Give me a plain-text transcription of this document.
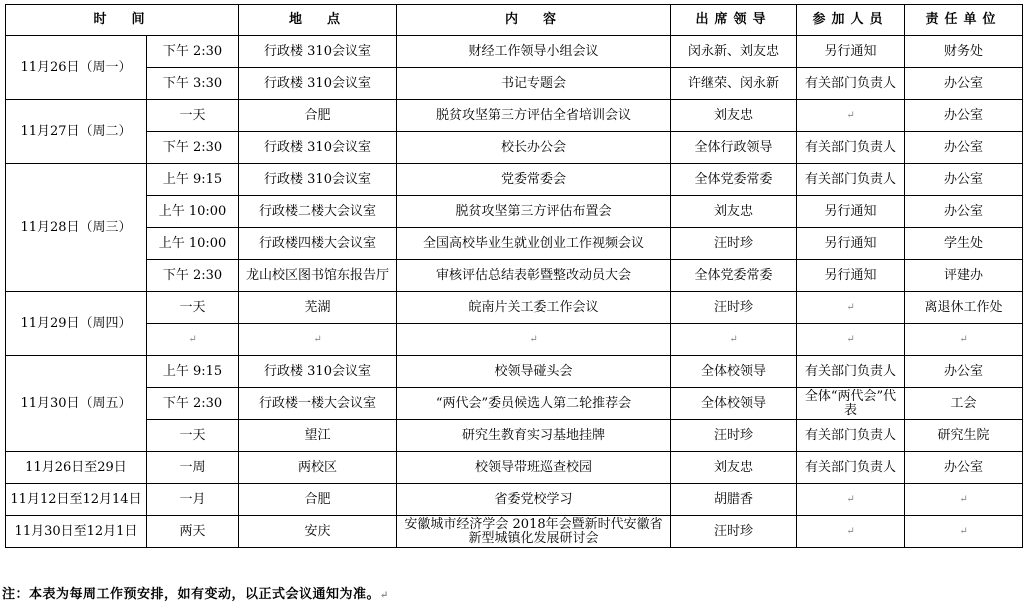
时　间		地　点	内　容	出席领导	参加人员	责任单位
11月26日（周一）	下午 2:30	行政楼 310会议室	财经工作领导小组会议	闵永新、刘友忠	另行通知	财务处
	下午 3:30	行政楼 310会议室	书记专题会	许继荣、闵永新	有关部门负责人	办公室
11月27日（周二）	一天	合肥	脱贫攻坚第三方评估全省培训会议	刘友忠	↵	办公室
	下午 2:30	行政楼 310会议室	校长办公会	全体行政领导	有关部门负责人	办公室
11月28日（周三）	上午 9:15	行政楼 310会议室	党委常委会	全体党委常委	有关部门负责人	办公室
	上午 10:00	行政楼二楼大会议室	脱贫攻坚第三方评估布置会	刘友忠	另行通知	办公室
	上午 10:00	行政楼四楼大会议室	全国高校毕业生就业创业工作视频会议	汪时珍	另行通知	学生处
	下午 2:30	龙山校区图书馆东报告厅	审核评估总结表彰暨整改动员大会	全体党委常委	另行通知	评建办
11月29日（周四）	一天	芜湖	皖南片关工委工作会议	汪时珍	↵	离退休工作处
	↵	↵	↵	↵	↵	↵
11月30日（周五）	上午 9:15	行政楼 310会议室	校领导碰头会	全体校领导	有关部门负责人	办公室
	下午 2:30	行政楼一楼大会议室	“两代会”委员候选人第二轮推荐会	全体校领导	全体“两代会”代表	工会
	一天	望江	研究生教育实习基地挂牌	汪时珍	有关部门负责人	研究生院
11月26日至29日	一周	两校区	校领导带班巡查校园	刘友忠	有关部门负责人	办公室
11月12日至12月14日	一月	合肥	省委党校学习	胡腊香	↵	↵
11月30日至12月1日	两天	安庆	安徽城市经济学会 2018年会暨新时代安徽省新型城镇化发展研讨会	汪时珍	↵	↵
注：本表为每周工作预安排，如有变动，以正式会议通知为准。↵
